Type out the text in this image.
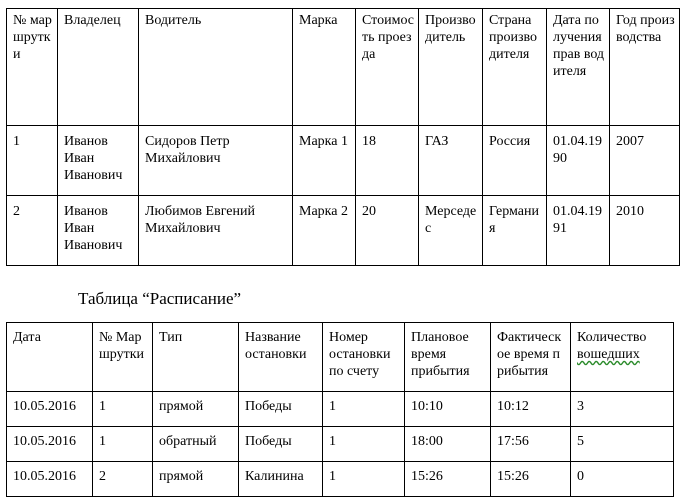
№ маршрутки	Владелец	Водитель	Марка	Стоимость проезда	Производитель	Страна производителя	Дата получения прав водителя	Год производства
1	Иванов Иван Иванович	Сидоров Петр Михайлович	Марка 1	18	ГАЗ	Россия	01.04.1990	2007
2	Иванов Иван Иванович	Любимов Евгений Михайлович	Марка 2	20	Мерседес	Германия	01.04.1991	2010
Таблица “Расписание”
Дата	№ Маршрутки	Тип	Название остановки	Номер остановки по счету	Плановое время прибытия	Фактическое время прибытия	Количество вошедших
10.05.2016	1	прямой	Победы	1	10:10	10:12	3
10.05.2016	1	обратный	Победы	1	18:00	17:56	5
10.05.2016	2	прямой	Калинина	1	15:26	15:26	0
